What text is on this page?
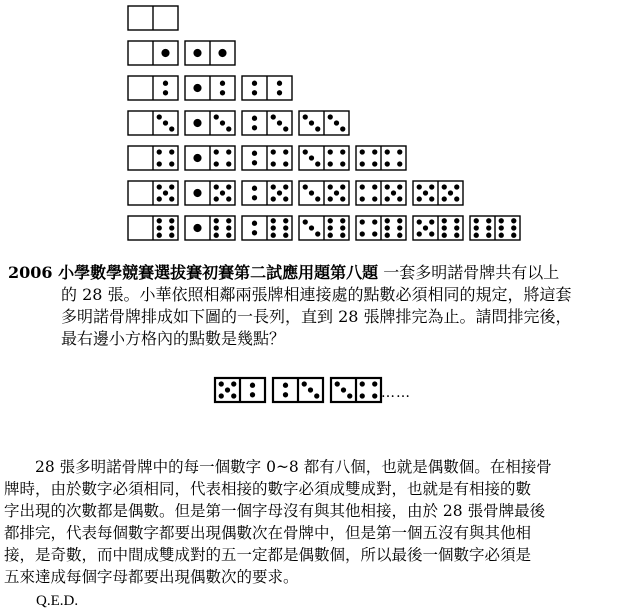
2006 小學數學競賽選拔賽初賽第二試應用題第八題 一套多明諾骨牌共有以上
的 28 張。小華依照相鄰兩張牌相連接處的點數必須相同的規定，將這套
多明諾骨牌排成如下圖的一長列，直到 28 張牌排完為止。請問排完後，
最右邊小方格內的點數是幾點？
……
　　28 張多明諾骨牌中的每一個數字 0~8 都有八個，也就是偶數個。在相接骨
牌時，由於數字必須相同，代表相接的數字必須成雙成對，也就是有相接的數
字出現的次數都是偶數。但是第一個字母沒有與其他相接，由於 28 張骨牌最後
都排完，代表每個數字都要出現偶數次在骨牌中，但是第一個五沒有與其他相
接，是奇數，而中間成雙成對的五一定都是偶數個，所以最後一個數字必須是
五來達成每個字母都要出現偶數次的要求。
Q.E.D.
